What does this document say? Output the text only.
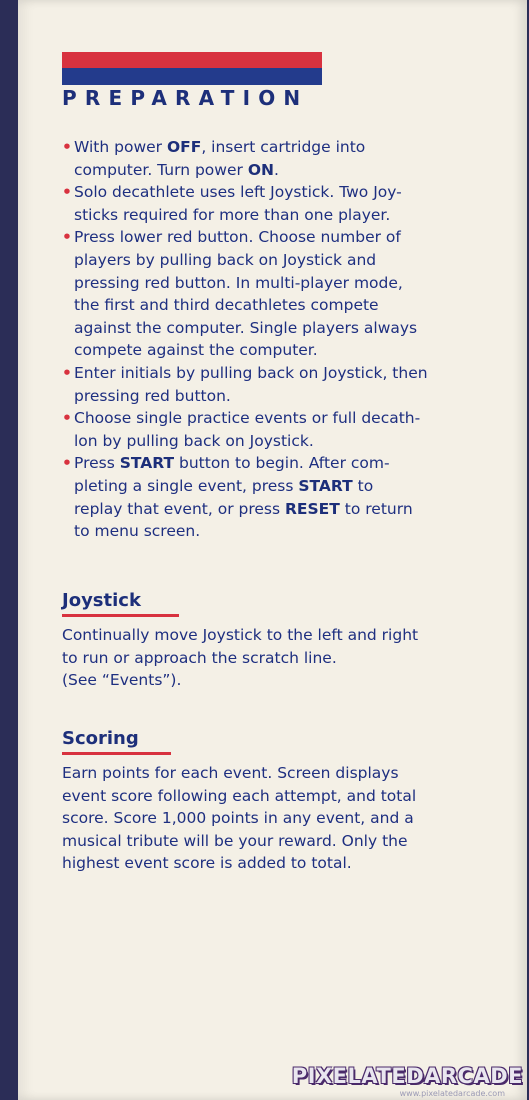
PREPARATION
• With power OFF, insert cartridge into
computer. Turn power ON.
• Solo decathlete uses left Joystick. Two Joy-
sticks required for more than one player.
• Press lower red button. Choose number of
players by pulling back on Joystick and
pressing red button. In multi-player mode,
the first and third decathletes compete
against the computer. Single players always
compete against the computer.
• Enter initials by pulling back on Joystick, then
pressing red button.
• Choose single practice events or full decath-
lon by pulling back on Joystick.
• Press START button to begin. After com-
pleting a single event, press START to
replay that event, or press RESET to return
to menu screen.
Joystick
Continually move Joystick to the left and right
to run or approach the scratch line.
(See “Events”).
Scoring
Earn points for each event. Screen displays
event score following each attempt, and total
score. Score 1,000 points in any event, and a
musical tribute will be your reward. Only the
highest event score is added to total.
PIXELATEDARCADE
www.pixelatedarcade.com
